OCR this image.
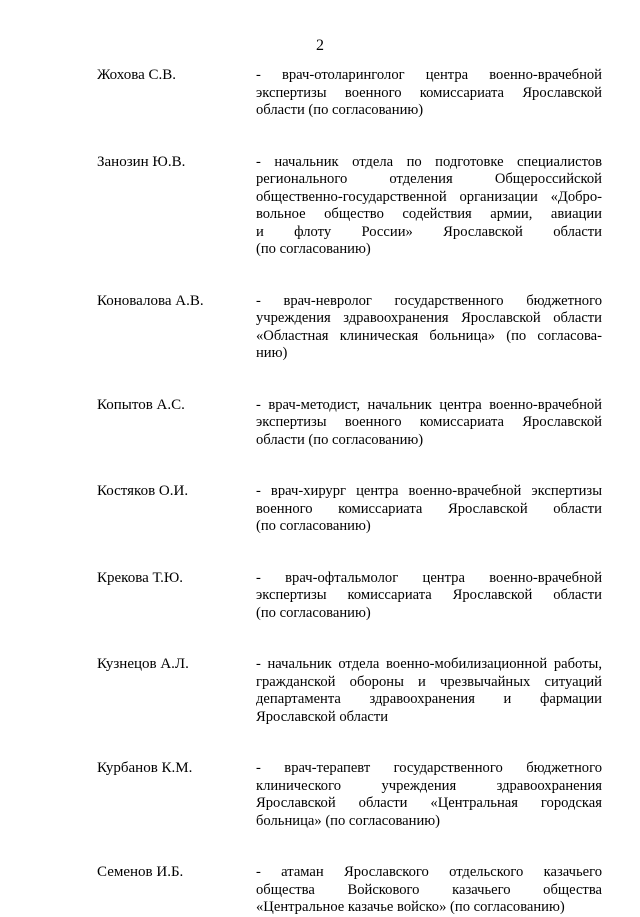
2
Жохова С.В.	- врач-отоларинголог центра военно-врачебной
экспертизы военного комиссариата Ярославской
области (по согласованию)
Занозин Ю.В.	- начальник отдела по подготовке специалистов
регионального отделения Общероссийской
общественно-государственной организации «Добро-
вольное общество содействия армии, авиации
и флоту России» Ярославской области
(по согласованию)
Коновалова А.В.	- врач-невролог государственного бюджетного
учреждения здравоохранения Ярославской области
«Областная клиническая больница» (по согласова-
нию)
Копытов А.С.	- врач-методист, начальник центра военно-врачебной
экспертизы военного комиссариата Ярославской
области (по согласованию)
Костяков О.И.	- врач-хирург центра военно-врачебной экспертизы
военного комиссариата Ярославской области
(по согласованию)
Крекова Т.Ю.	- врач-офтальмолог центра военно-врачебной
экспертизы комиссариата Ярославской области
(по согласованию)
Кузнецов А.Л.	- начальник отдела военно-мобилизационной работы,
гражданской обороны и чрезвычайных ситуаций
департамента здравоохранения и фармации
Ярославской области
Курбанов К.М.	- врач-терапевт государственного бюджетного
клинического учреждения здравоохранения
Ярославской области «Центральная городская
больница» (по согласованию)
Семенов И.Б.	- атаман Ярославского отдельского казачьего
общества Войскового казачьего общества
«Центральное казачье войско» (по согласованию)
